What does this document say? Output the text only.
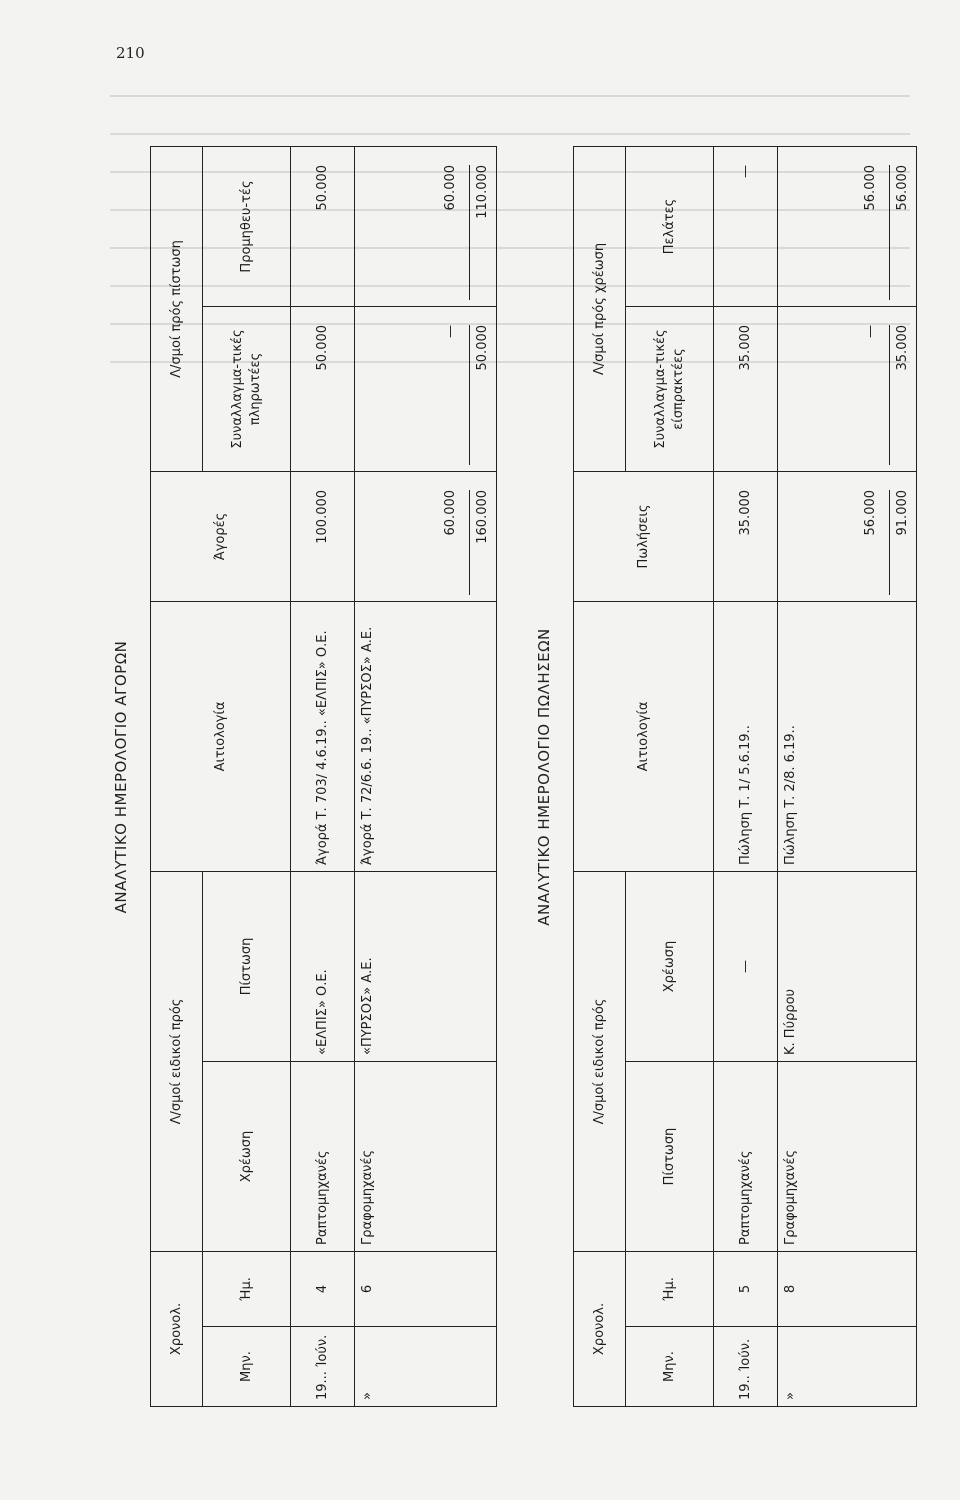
210
ΑΝΑΛΥΤΙΚΟ ΗΜΕΡΟΛΟΓΙΟ ΑΓΟΡΩΝ
Χρονολ.		Λ/σμοί ειδικοί πρός		Αιτιολογία	Άγορές	Λ/σμοί πρός πίστωση	
Μην.	Ήμ.	Χρέωση	Πίστωση			Συναλλαγμα-τικές πληρωτέες	Προμηθευ-τές
19... Ίούν.	4	Ραπτομηχανές	«ΕΛΠΙΣ» Ο.Ε.	Άγορά Τ. 703/ 4.6.19.. «ΕΛΠΙΣ» Ο.Ε.	100.000	50.000	50.000
»	6	Γραφομηχανές	«ΠΥΡΣΟΣ» Α.Ε.	Άγορά Τ. 72/6.6. 19.. «ΠΥΡΣΟΣ» Α.Ε.	60.000 160.000	— 50.000	60.000 110.000
ΑΝΑΛΥΤΙΚΟ ΗΜΕΡΟΛΟΓΙΟ ΠΩΛΗΣΕΩΝ
Χρονολ.		Λ/σμοί ειδικοί πρός		Αιτιολογία	Πωλήσεις	Λ/σμοί πρός χρέωση	
Μην.	Ήμ.	Πίστωση	Χρέωση			Συναλλαγμα-τικές είσπρακτέες	Πελάτες
19.. Ίούν.	5	Ραπτομηχανές	—	Πώληση Τ. 1/ 5.6.19..	35.000	35.000	—
»	8	Γραφομηχανές	Κ. Πύρρου	Πώληση Τ. 2/8. 6.19..	56.000 91.000	— 35.000	56.000 56.000
